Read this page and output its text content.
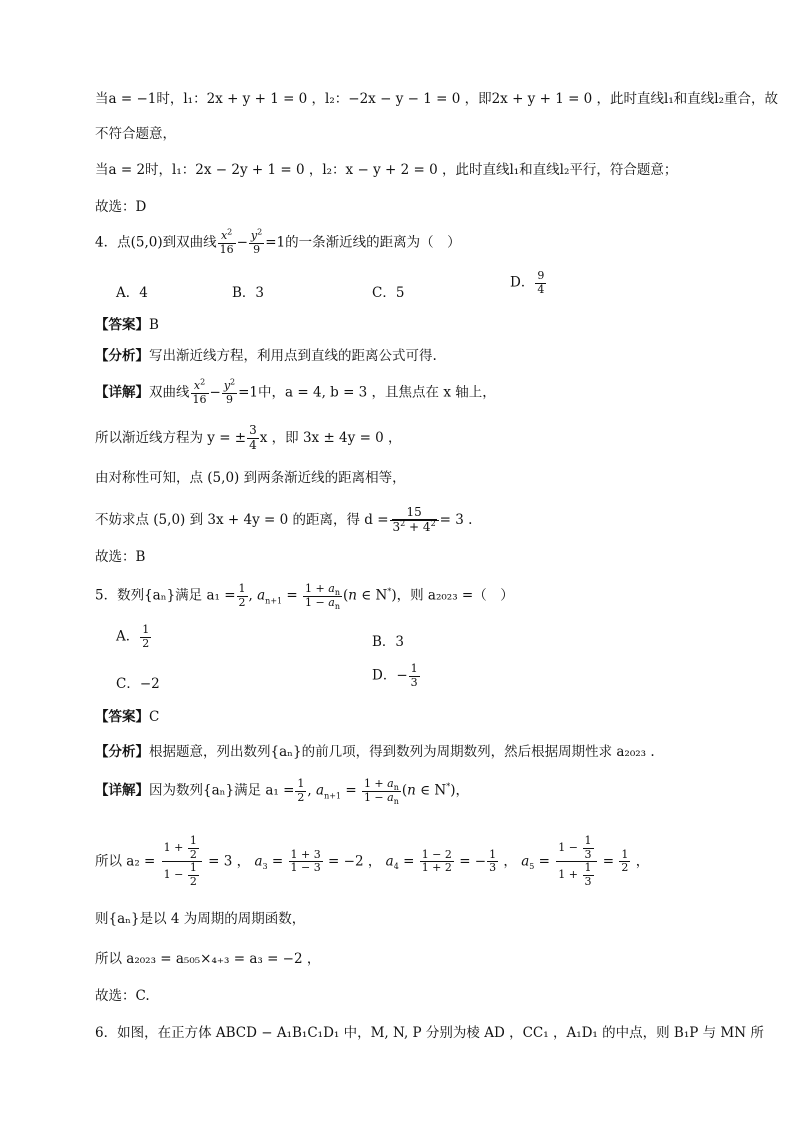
当a = −1时，l₁：2x + y + 1 = 0 ，l₂：−2x − y − 1 = 0 ，即2x + y + 1 = 0 ，此时直线l₁和直线l₂重合，故
不符合题意，
当a = 2时，l₁：2x − 2y + 1 = 0 ，l₂：x − y + 2 = 0 ，此时直线l₁和直线l₂平行，符合题意；
故选：D
4．点(5,0)到双曲线 $\frac{x^2}{16} - \frac{y^2}{9} =1$的一条渐近线的距离为（　）
A．4	B．3	C．5
D． $\frac{9}{4}$
【答案】B
【分析】写出渐近线方程，利用点到直线的距离公式可得.
【详解】双曲线 $\frac{x^2}{16} - \frac{y^2}{9} =1$中，a = 4, b = 3 ，且焦点在 x 轴上，
所以渐近线方程为 y = ± $\frac{3}{4}$ x ，即 3x ± 4y = 0 ，
由对称性可知，点 (5,0) 到两条渐近线的距离相等，
不妨求点 (5,0) 到 3x + 4y = 0 的距离，得 $d = \frac{15}{3^2 + 4^2} = 3$ .
故选：B
5．数列{aₙ}满足 $a_1 = \frac{1}{2}$ , $a_{n+1} = \frac{1 + a_n}{1 - a_n} (n$ ∈ N*)，则 a₂₀₂₃ =（　）
A． $\frac{1}{2}$	B．3
C．−2
D．− $\frac{1}{3}$
【答案】C
【分析】根据题意，列出数列{aₙ}的前几项，得到数列为周期数列，然后根据周期性求 a₂₀₂₃ .
【详解】因为数列{aₙ}满足 $a_1 = \frac{1}{2}$ , $a_{n+1} = \frac{1 + a_n}{1 - a_n} (n$ ∈ N*)，
所以 $a_2 = \frac{1 + \frac{1}{2}}{1 - \frac{1}{2}} = 3$ ， $a_3 = \frac{1 + 3}{1 - 3} = -2$ ， $a_4 = \frac{1 - 2}{1 + 2}$ = − $\frac{1}{3}$ ， $a_5 = \frac{1 - \frac{1}{3}}{1 + \frac{1}{3}} = \frac{1}{2}$ ，
则{aₙ}是以 4 为周期的周期函数，
所以 a₂₀₂₃ = a₅₀₅×₄₊₃ = a₃ = −2 ，
故选：C.
6．如图，在正方体 ABCD − A₁B₁C₁D₁ 中，M, N, P 分别为棱 AD ，CC₁ ，A₁D₁ 的中点，则 B₁P 与 MN 所
